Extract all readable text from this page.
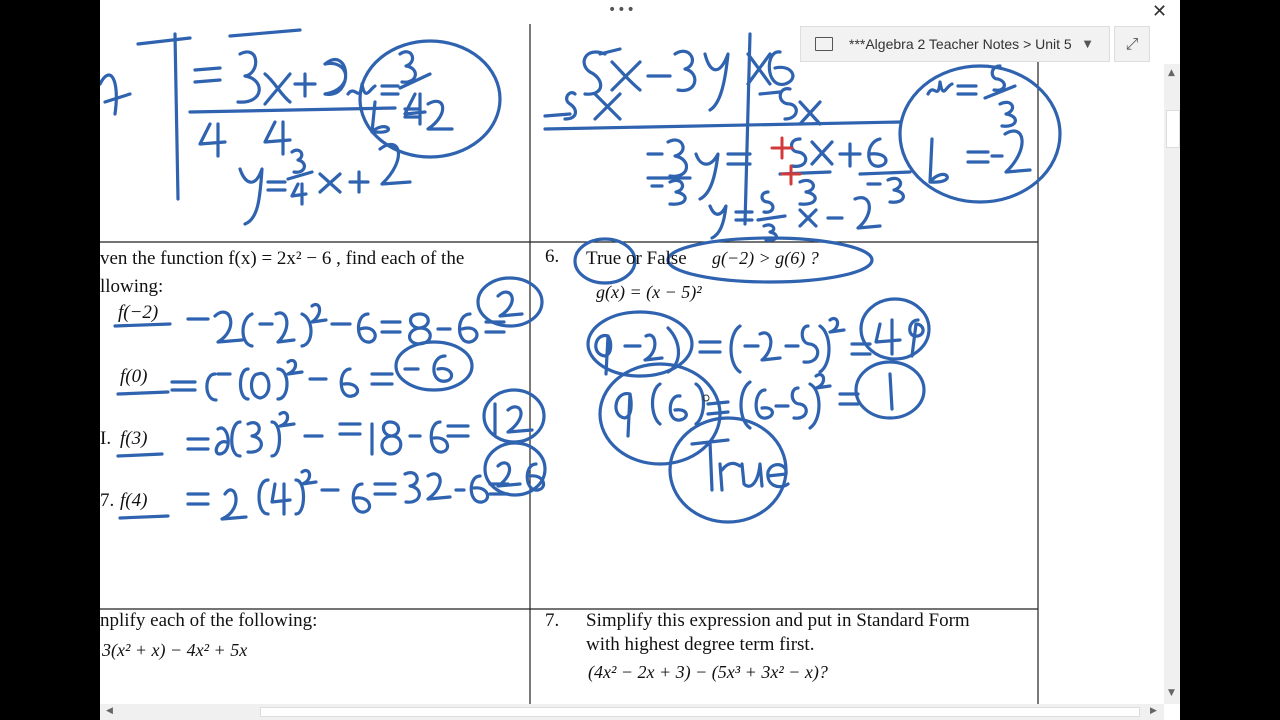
•••	✕
ven the function f(x) = 2x² − 6 , find each of the
llowing:
f(−2)
f(0)
I. f(3)
7. f(4)
6. True or False g(−2) > g(6) ?
g(x) = (x − 5)²
nplify each of the following:
3(x² + x) − 4x² + 5x
7. Simplify this expression and put in Standard Form
with highest degree term first.
(4x² − 2x + 3) − (5x³ + 3x² − x)?
***Algebra 2 Teacher Notes > Unit 5 ▼	⤢
▲
▼
◀	▶
